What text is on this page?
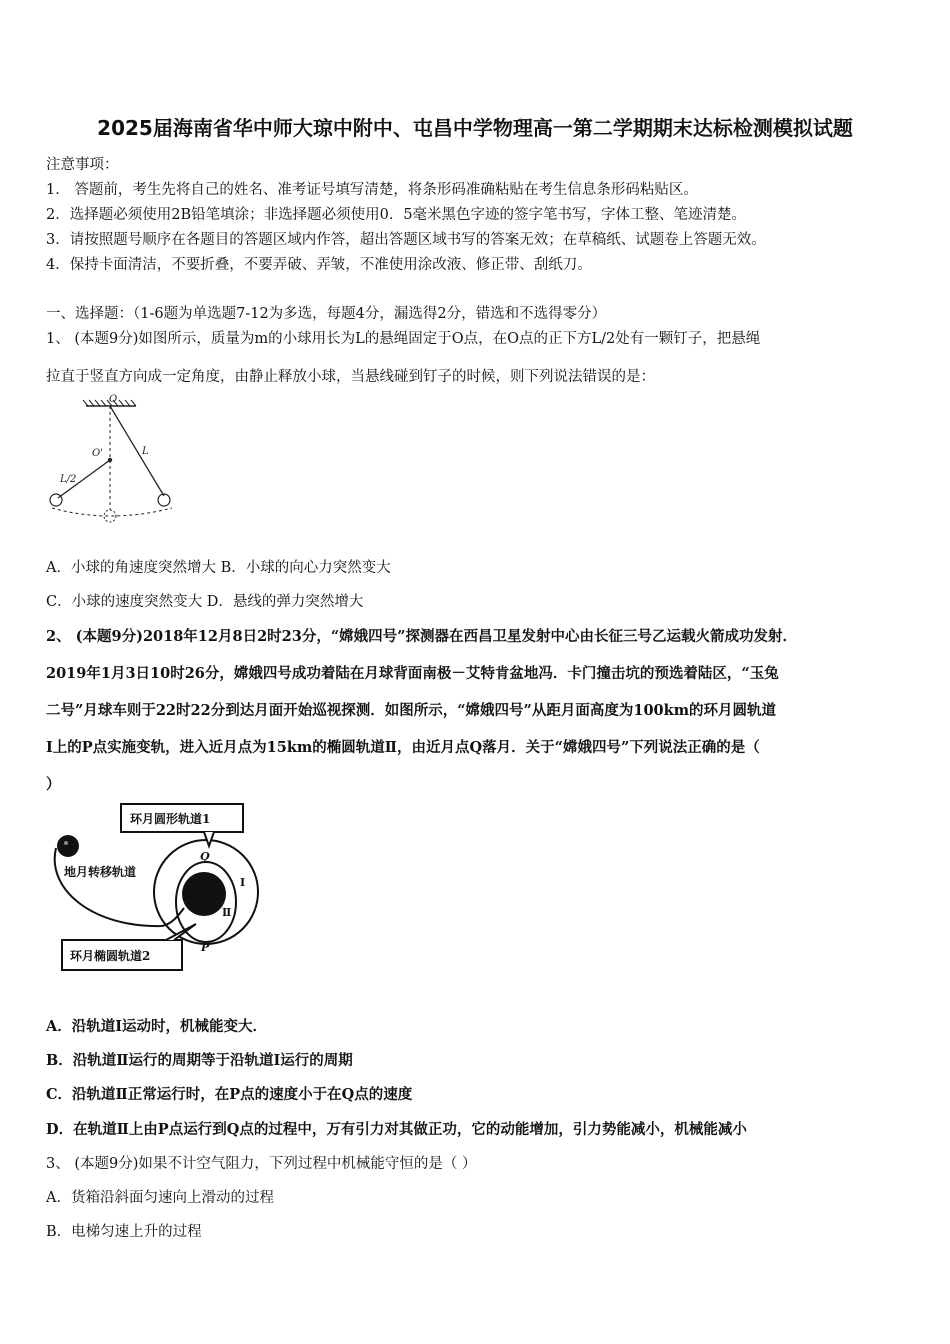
2025届海南省华中师大琼中附中、屯昌中学物理高一第二学期期末达标检测模拟试题
注意事项：
1． 答题前，考生先将自己的姓名、准考证号填写清楚，将条形码准确粘贴在考生信息条形码粘贴区。
2．选择题必须使用2B铅笔填涂；非选择题必须使用0．5毫米黑色字迹的签字笔书写，字体工整、笔迹清楚。
3．请按照题号顺序在各题目的答题区域内作答，超出答题区域书写的答案无效；在草稿纸、试题卷上答题无效。
4．保持卡面清洁，不要折叠，不要弄破、弄皱，不准使用涂改液、修正带、刮纸刀。
一、选择题：（1-6题为单选题7-12为多选，每题4分，漏选得2分，错选和不选得零分）
1、 (本题9分)如图所示，质量为m的小球用长为L的悬绳固定于O点，在O点的正下方L/2处有一颗钉子，把悬绳
拉直于竖直方向成一定角度，由静止释放小球，当悬线碰到钉子的时候，则下列说法错误的是：
O
O'	L
L/2
A．小球的角速度突然增大 B．小球的向心力突然变大
C．小球的速度突然变大 D．悬线的弹力突然增大
2、 (本题9分)2018年12月8日2时23分，“嫦娥四号”探测器在西昌卫星发射中心由长征三号乙运载火箭成功发射．
2019年1月3日10时26分，嫦娥四号成功着陆在月球背面南极－艾特肯盆地冯．卡门撞击坑的预选着陆区，“玉兔
二号”月球车则于22时22分到达月面开始巡视探测．如图所示，“嫦娥四号”从距月面高度为100km的环月圆轨道
I上的P点实施变轨，进入近月点为15km的椭圆轨道Ⅱ，由近月点Q落月．关于“嫦娥四号”下列说法正确的是（
）
环月圆形轨道1
地月转移轨道
环月椭圆轨道2
Q
P
I
Ⅱ
A．沿轨道I运动时，机械能变大．
B．沿轨道Ⅱ运行的周期等于沿轨道I运行的周期
C．沿轨道Ⅱ正常运行时，在P点的速度小于在Q点的速度
D．在轨道Ⅱ上由P点运行到Q点的过程中，万有引力对其做正功，它的动能增加，引力势能减小，机械能减小
3、 (本题9分)如果不计空气阻力，下列过程中机械能守恒的是（ ）
A．货箱沿斜面匀速向上滑动的过程
B．电梯匀速上升的过程
